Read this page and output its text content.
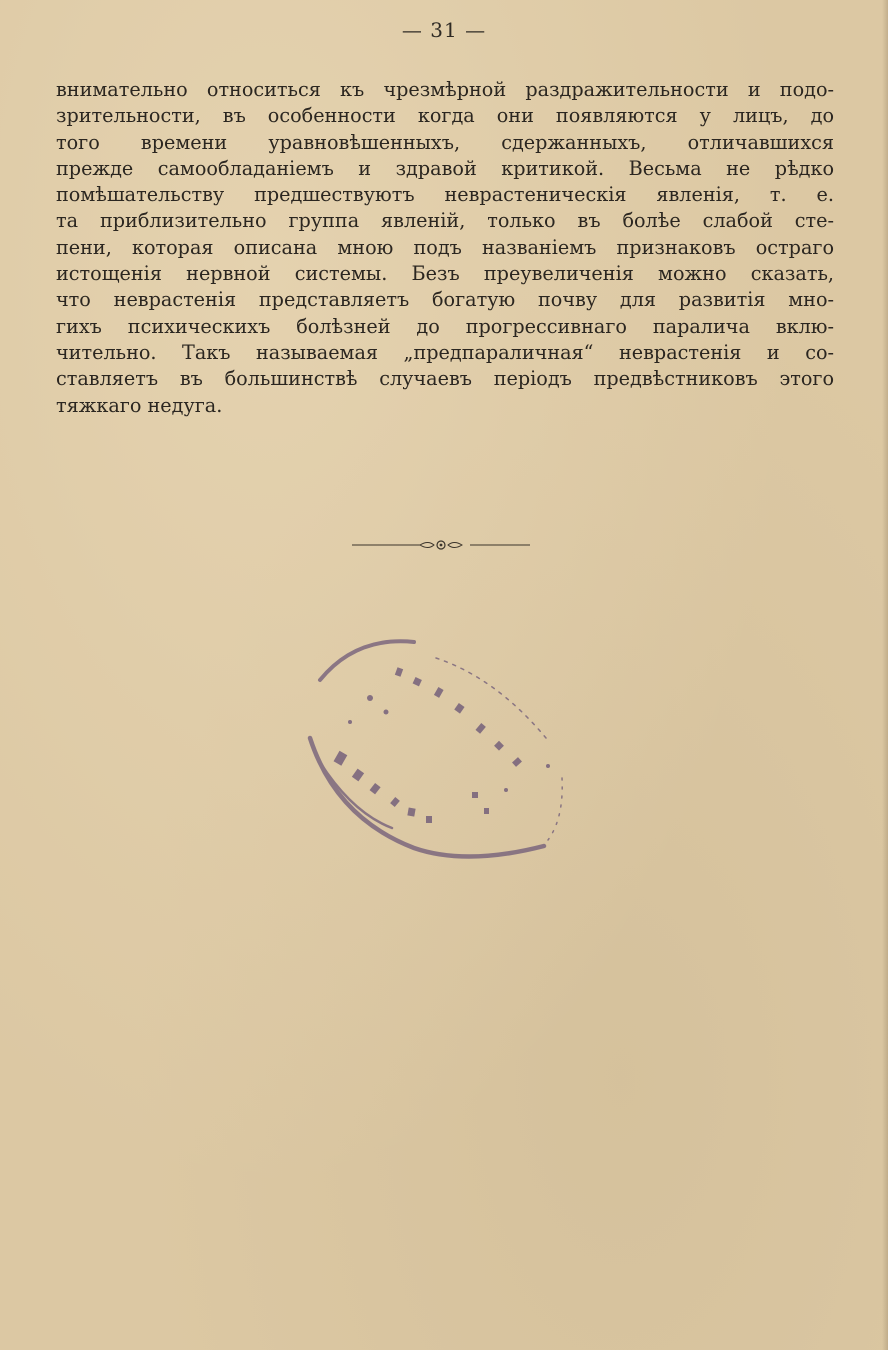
— 31 —
внимательно относиться къ чрезмѣрной раздражительности и подо-
зрительности, въ особенности когда они появляются у лицъ, до
того времени уравновѣшенныхъ, сдержанныхъ, отличавшихся
прежде самообладаніемъ и здравой критикой. Весьма не рѣдко
помѣшательству предшествуютъ неврастеническія явленія, т. е.
та приблизительно группа явленій, только въ болѣе слабой сте-
пени, которая описана мною подъ названіемъ признаковъ остраго
истощенія нервной системы. Безъ преувеличенія можно сказать,
что неврастенія представляетъ богатую почву для развитія мно-
гихъ психическихъ болѣзней до прогрессивнаго паралича вклю-
чительно. Такъ называемая „предпараличная“ неврастенія и со-
ставляетъ въ большинствѣ случаевъ періодъ предвѣстниковъ этого
тяжкаго недуга.
